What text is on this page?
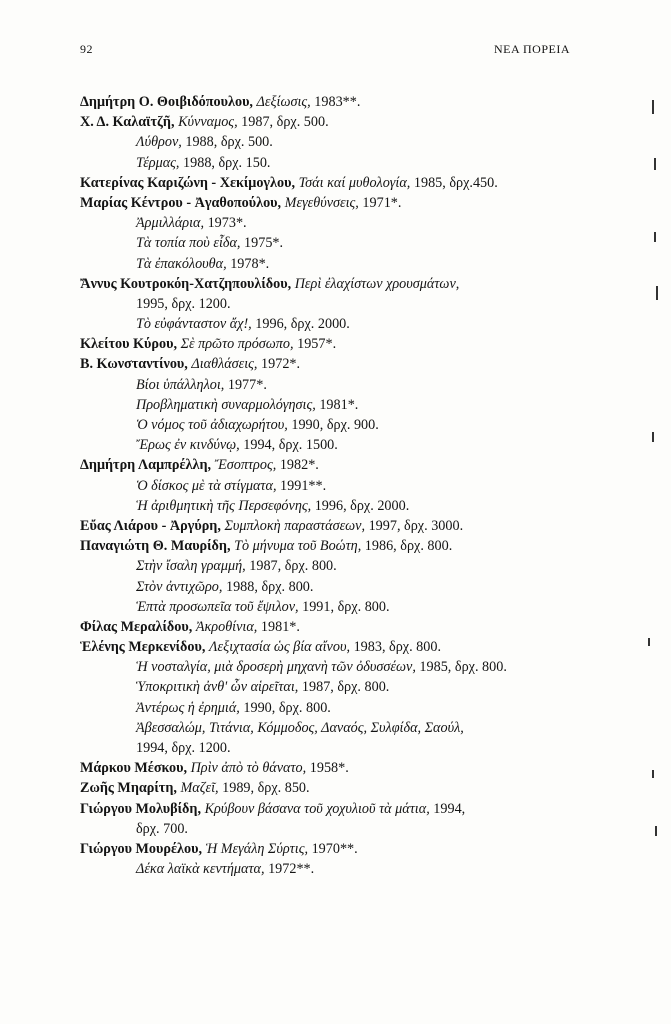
92	ΝΕΑ ΠΟΡΕΙΑ
Δημήτρη Ο. Θοιβιδόπουλου, Δεξίωσις, 1983**.
Χ. Δ. Καλαϊτζῆ, Κύνναμος, 1987, δρχ. 500.
Λύθρον, 1988, δρχ. 500.
Τέρμας, 1988, δρχ. 150.
Κατερίνας Καριζώνη - Χεκίμογλου, Τσάι καί μυθολογία, 1985, δρχ.450.
Μαρίας Κέντρου - Ἀγαθοπούλου, Μεγεθύνσεις, 1971*.
Ἀρμιλλάρια, 1973*.
Τὰ τοπία ποὺ εἶδα, 1975*.
Τὰ ἐπακόλουθα, 1978*.
Ἄννυς Κουτροκόη-Χατζηπουλίδου, Περὶ ἐλαχίστων χρουσμάτων,
1995, δρχ. 1200.
Τὸ εὐφάνταστον ἄχ!, 1996, δρχ. 2000.
Κλείτου Κύρου, Σὲ πρῶτο πρόσωπο, 1957*.
Β. Κωνσταντίνου, Διαθλάσεις, 1972*.
Βίοι ὑπάλληλοι, 1977*.
Προβληματικὴ συναρμολόγησις, 1981*.
Ὁ νόμος τοῦ ἀδιαχωρήτου, 1990, δρχ. 900.
Ἔρως ἐν κινδύνῳ, 1994, δρχ. 1500.
Δημήτρη Λαμπρέλλη, Ἔσοπτρος, 1982*.
Ὁ δίσκος μὲ τὰ στίγματα, 1991**.
Ἡ ἀριθμητικὴ τῆς Περσεφόνης, 1996, δρχ. 2000.
Εὔας Λιάρου - Ἀργύρη, Συμπλοκὴ παραστάσεων, 1997, δρχ. 3000.
Παναγιώτη Θ. Μαυρίδη, Τὸ μήνυμα τοῦ Βοώτη, 1986, δρχ. 800.
Στὴν ἴσαλη γραμμή, 1987, δρχ. 800.
Στὸν ἀντιχῶρο, 1988, δρχ. 800.
Ἑπτὰ προσωπεῖα τοῦ ἔψιλον, 1991, δρχ. 800.
Φίλας Μεραλίδου, Ἀκροθίνια, 1981*.
Ἑλένης Μερκενίδου, Λεξιχτασία ὡς βία αἴνου, 1983, δρχ. 800.
Ἡ νοσταλγία, μιὰ δροσερὴ μηχανὴ τῶν ὀδυσσέων, 1985, δρχ. 800.
Ὑποκριτικὴ ἀνθ' ὧν αἱρεῖται, 1987, δρχ. 800.
Ἀντέρως ἡ ἐρημιά, 1990, δρχ. 800.
Ἀβεσσαλώμ, Τιτάνια, Κόμμοδος, Δαναός, Συλφίδα, Σαούλ,
1994, δρχ. 1200.
Μάρκου Μέσκου, Πρὶν ἀπὸ τὸ θάνατο, 1958*.
Ζωῆς Μηαρίτη, Μαζεῖ, 1989, δρχ. 850.
Γιώργου Μολυβίδη, Κρύβουν βάσανα τοῦ χοχυλιοῦ τὰ μάτια, 1994,
δρχ. 700.
Γιώργου Μουρέλου, Ἡ Μεγάλη Σύρτις, 1970**.
Δέκα λαϊκὰ κεντήματα, 1972**.
